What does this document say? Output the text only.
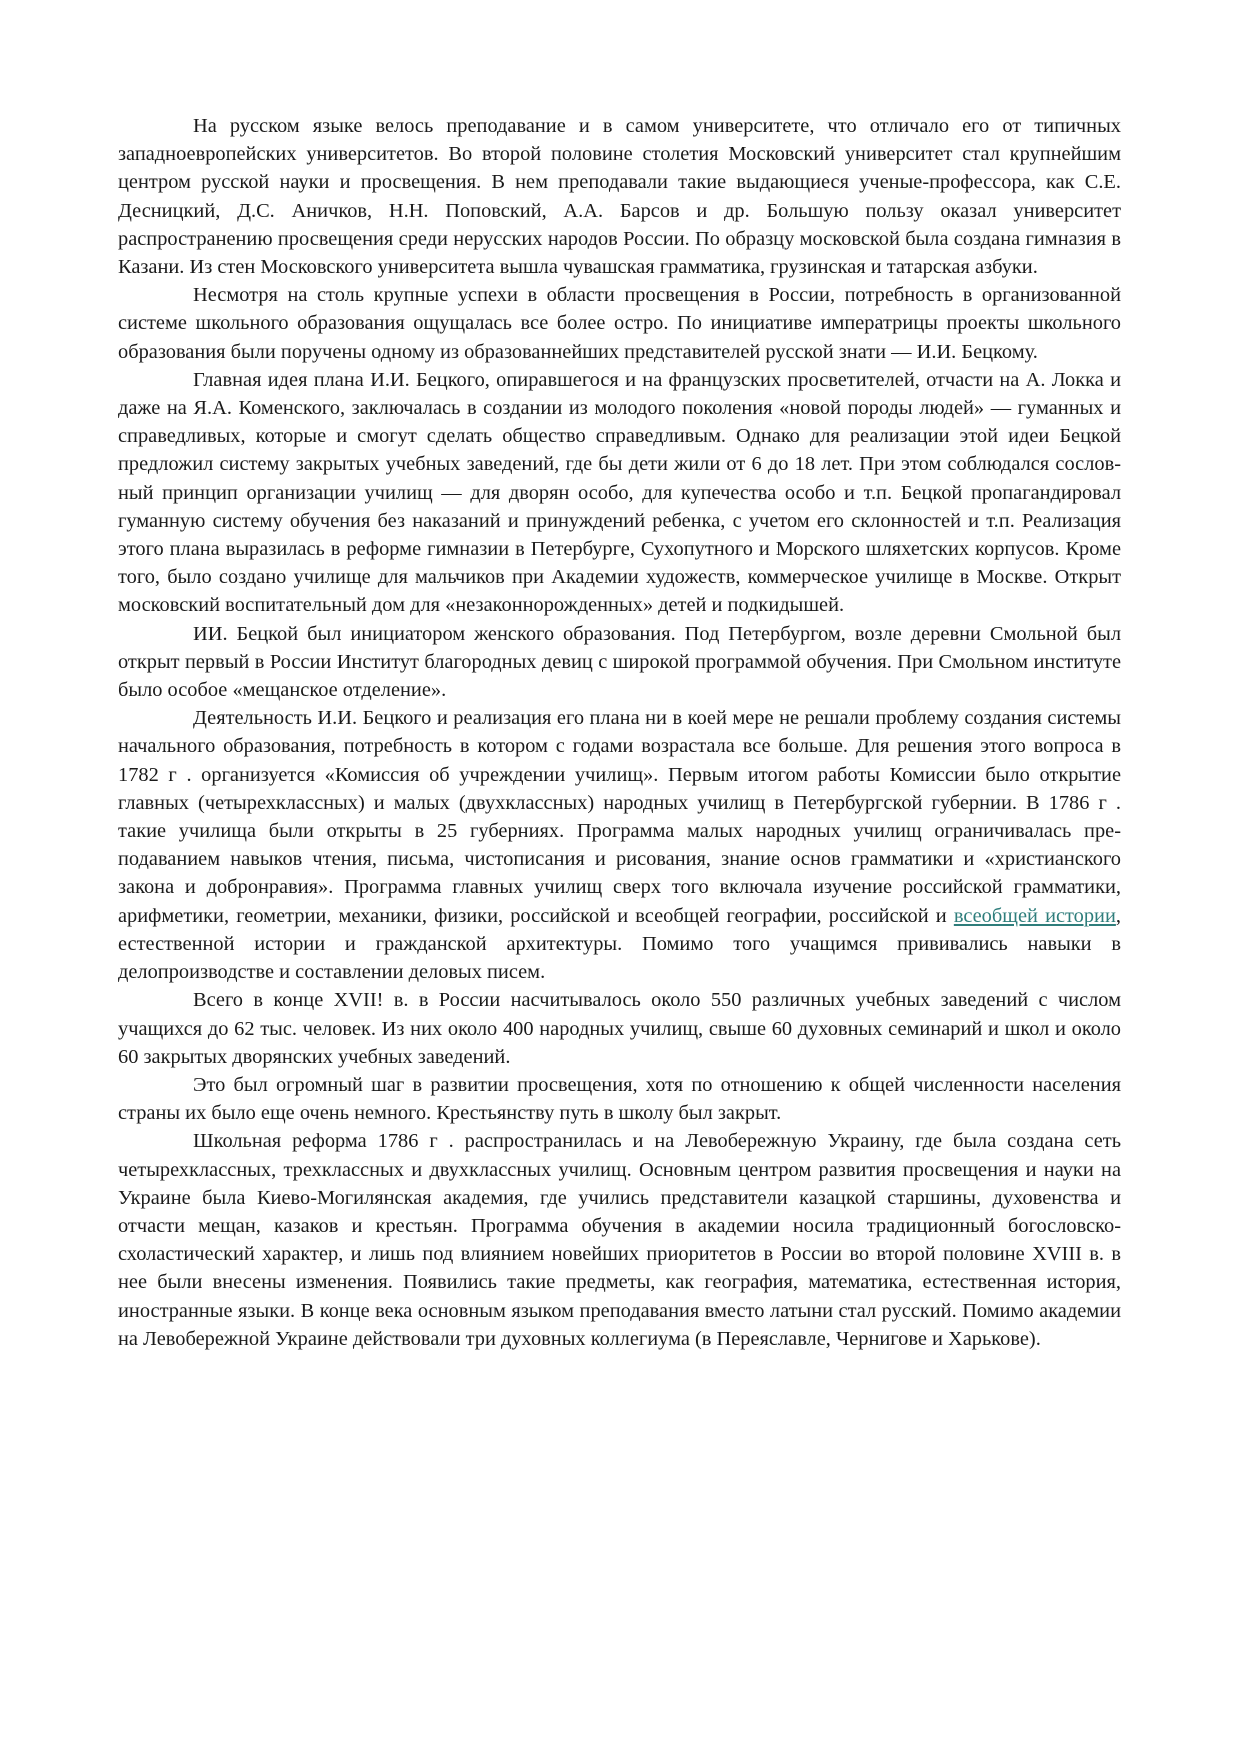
На русском языке велось преподавание и в самом университете, что отличало его от типичных западноевропейских университетов. Во второй половине столетия Московский университет стал крупнейшим центром русской науки и просвещения. В нем преподавали такие выдающиеся ученые-профессора, как С.Е. Десницкий, Д.С. Аничков, Н.Н. Поповский, А.А. Барсов и др. Большую пользу оказал университет распространению просвещения среди нерусских народов России. По образцу московской была создана гимназия в Казани. Из стен Московского университета вышла чувашская грамматика, грузинская и татарская азбуки.

Несмотря на столь крупные успехи в области просвещения в России, потребность в организованной системе школьного образования ощущалась все более остро. По инициативе императрицы проекты школьного образования были поручены одному из образованнейших представителей русской знати — И.И. Бецкому.

Главная идея плана И.И. Бецкого, опиравшегося и на французских просветителей, отчасти на А. Локка и даже на Я.А. Коменского, заключалась в создании из молодого поколения «новой породы людей» — гуманных и справедливых, которые и смогут сделать общество справедливым. Однако для реализации этой идеи Бецкой предложил систему закрытых учебных заведений, где бы дети жили от 6 до 18 лет. При этом соблюдался сословный принцип организации училищ — для дворян особо, для купечества особо и т.п. Бецкой пропагандировал гуманную систему обучения без наказаний и принуждений ребенка, с учетом его склонностей и т.п. Реализация этого плана выразилась в реформе гимназии в Петербурге, Сухопутного и Морского шляхетских корпусов. Кроме того, было создано училище для мальчиков при Академии художеств, коммерческое училище в Москве. Открыт московский воспитательный дом для «незаконнорожденных» детей и подкидышей.

ИИ. Бецкой был инициатором женского образования. Под Петербургом, возле деревни Смольной был открыт первый в России Институт благородных девиц с широкой программой обучения. При Смольном институте было особое «мещанское отделение».

Деятельность И.И. Бецкого и реализация его плана ни в коей мере не решали проблему создания системы начального образования, потребность в котором с годами возрастала все больше. Для решения этого вопроса в 1782 г . организуется «Комиссия об учреждении училищ». Первым итогом работы Комиссии было открытие главных (четырехклассных) и малых (двухклассных) народных училищ в Петербургской губернии. В 1786 г . такие училища были открыты в 25 губерниях. Программа малых народных училищ ограничивалась преподаванием навыков чтения, письма, чистописания и рисования, знание основ грамматики и «христианского закона и добронравия». Программа главных училищ сверх того включала изучение российской грамматики, арифметики, геометрии, механики, физики, российской и всеобщей географии, российской и всеобщей истории, естественной истории и гражданской архитектуры. Помимо того учащимся прививались навыки в делопроизводстве и составлении деловых писем.

Всего в конце XVII! в. в России насчитывалось около 550 различных учебных заведений с числом учащихся до 62 тыс. человек. Из них около 400 народных училищ, свыше 60 духовных семинарий и школ и около 60 закрытых дворянских учебных заведений.

Это был огромный шаг в развитии просвещения, хотя по отношению к общей численности населения страны их было еще очень немного. Крестьянству путь в школу был закрыт.

Школьная реформа 1786 г . распространилась и на Левобережную Украину, где была создана сеть четырехклассных, трехклассных и двухклассных училищ. Основным центром развития просвещения и науки на Украине была Киево-Могилянская академия, где учились представители казацкой старшины, духовенства и отчасти мещан, казаков и крестьян. Программа обучения в академии носила традиционный богословско-схоластический характер, и лишь под влиянием новейших приоритетов в России во второй половине XVIII в. в нее были внесены изменения. Появились такие предметы, как география, математика, естественная история, иностранные языки. В конце века основным языком преподавания вместо латыни стал русский. Помимо академии на Левобережной Украине действовали три духовных коллегиума (в Переяславле, Чернигове и Харькове).
